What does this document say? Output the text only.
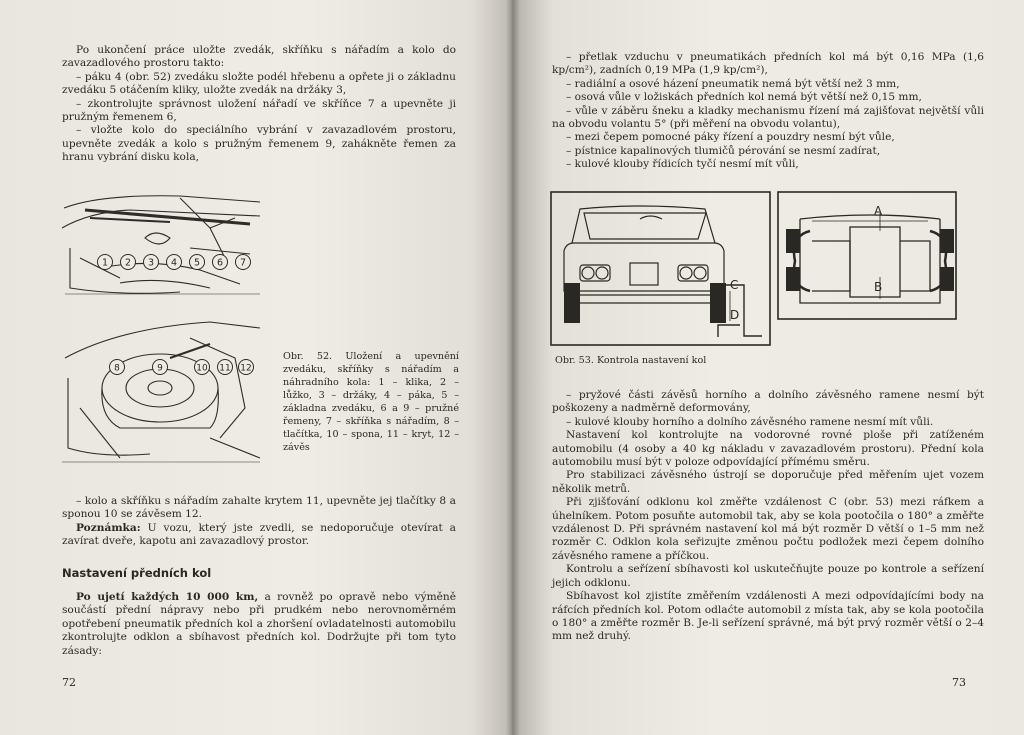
Po ukončení práce uložte zvedák, skříňku s nářadím a kolo do zavazadlového prostoru takto:

– páku 4 (obr. 52) zvedáku složte podél hřebenu a opřete ji o základnu zvedáku 5 otáčením kliky, uložte zvedák na držáky 3,

– zkontrolujte správnost uložení nářadí ve skříňce 7 a upevněte ji pružným řemenem 6,

– vložte kolo do speciálního vybrání v zavazadlovém prostoru, upevněte zvedák a kolo s pružným řemenem 9, zaháknětе řemen za hranu vybrání disku kola,

1 2 3 4 5 6 7
8	9	10 11 12
Obr. 52. Uložení a upevnění zvedáku, skříňky s nářadím a náhradního kola: 1 – klika, 2 – lůžko, 3 – držáky, 4 – páka, 5 – základna zvedáku, 6 a 9 – pružné řemeny, 7 – skříňka s nářadím, 8 – tlačítka, 10 – spona, 11 – kryt, 12 – závěs

– kolo a skříňku s nářadím zahalte krytem 11, upevněte jej tlačítky 8 a sponou 10 se závěsem 12.

Poznámka: U vozu, který jste zvedli, se nedoporučuje otevírat a zavírat dveře, kapotu ani zavazadlový prostor.

Nastavení předních kol

Po ujetí každých 10 000 km, a rovněž po opravě nebo výměně součástí přední nápravy nebo při prudkém nebo nerovnoměrném opotřebení pneumatik předních kol a zhoršení ovladatelnosti automobilu zkontrolujte odklon a sbíhavost předních kol. Dodržujte při tom tyto zásady:

72

– přetlak vzduchu v pneumatikách předních kol má být 0,16 MPa (1,6 kp/cm²), zadních 0,19 MPa (1,9 kp/cm²),

– radiální a osové házení pneumatik nemá být větší než 3 mm,

– osová vůle v ložiskách předních kol nemá být větší než 0,15 mm,

– vůle v záběru šneku a kladky mechanismu řízení má zajišťovat největší vůli na obvodu volantu 5° (při měření na obvodu volantu),

– mezi čepem pomocné páky řízení a pouzdry nesmí být vůle,

– pístnice kapalinových tlumičů pérování se nesmí zadírat,

– kulové klouby řídicích tyčí nesmí mít vůli,

C
D
A
B
Obr. 53. Kontrola nastavení kol

– pryžové části závěsů horního a dolního závěsného ramene nesmí být poškozeny a nadměrně deformovány,

– kulové klouby horního a dolního závěsného ramene nesmí mít vůli.

Nastavení kol kontrolujte na vodorovné rovné ploše při zatíženém automobilu (4 osoby a 40 kg nákladu v zavazadlovém prostoru). Přední kola automobilu musí být v poloze odpovídající přímému směru.

Pro stabilizaci závěsného ústrojí se doporučuje před měřením ujet vozem několik metrů.

Při zjišťování odklonu kol změřte vzdálenost C (obr. 53) mezi ráfkem a úhelníkem. Potom posuňte automobil tak, aby se kola pootočila o 180° a změřte vzdálenost D. Při správném nastavení kol má být rozměr D větší o 1–5 mm než rozměr C. Odklon kola seřizujte změnou počtu podložek mezi čepem dolního závěsného ramene a příčkou.

Kontrolu a seřízení sbíhavosti kol uskutečňujte pouze po kontrole a seřízení jejich odklonu.

Sbíhavost kol zjistíte změřením vzdálenosti A mezi odpovídajícími body na ráfcích předních kol. Potom odlaćte automobil z místa tak, aby se kola pootočila o 180° a změřte rozměr B. Je-li seřízení správné, má být prvý rozměr větší o 2–4 mm než druhý.

73
